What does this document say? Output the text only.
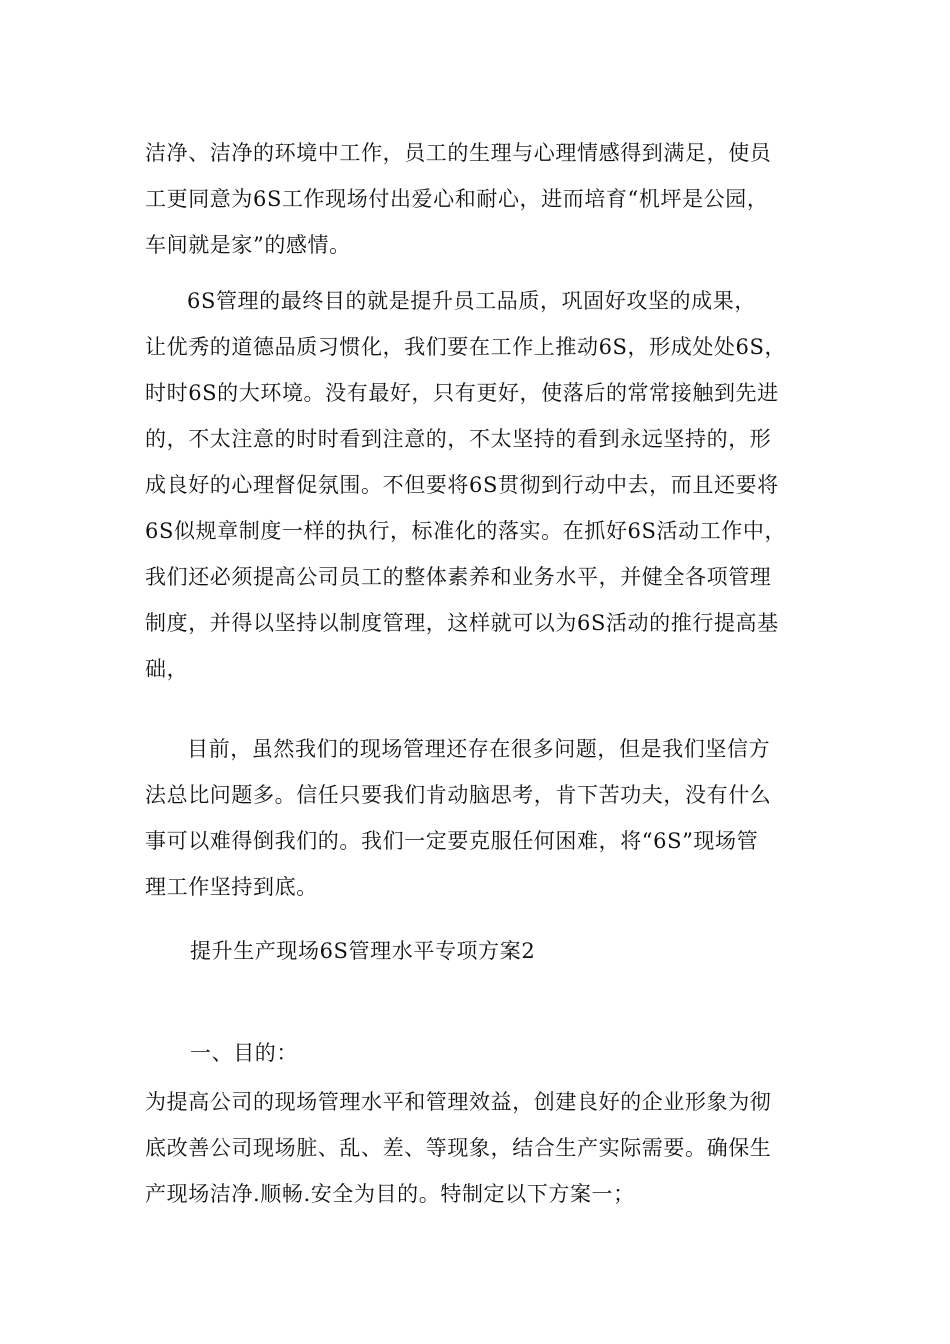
洁净、洁净的环境中工作，员工的生理与心理情感得到满足，使员
工更同意为6S工作现场付出爱心和耐心，进而培育“机坪是公园，
车间就是家”的感情。
6S管理的最终目的就是提升员工品质，巩固好攻坚的成果，
让优秀的道德品质习惯化，我们要在工作上推动6S，形成处处6S，
时时6S的大环境。没有最好，只有更好，使落后的常常接触到先进
的，不太注意的时时看到注意的，不太坚持的看到永远坚持的，形
成良好的心理督促氛围。不但要将6S贯彻到行动中去，而且还要将
6S似规章制度一样的执行，标准化的落实。在抓好6S活动工作中，
我们还必须提高公司员工的整体素养和业务水平，并健全各项管理
制度，并得以坚持以制度管理，这样就可以为6S活动的推行提高基
础，
目前，虽然我们的现场管理还存在很多问题，但是我们坚信方
法总比问题多。信任只要我们肯动脑思考，肯下苦功夫，没有什么
事可以难得倒我们的。我们一定要克服任何困难，将“6S”现场管
理工作坚持到底。
提升生产现场6S管理水平专项方案2
一、目的：
为提高公司的现场管理水平和管理效益，创建良好的企业形象为彻
底改善公司现场脏、乱、差、等现象，结合生产实际需要。确保生
产现场洁净.顺畅.安全为目的。特制定以下方案一；
